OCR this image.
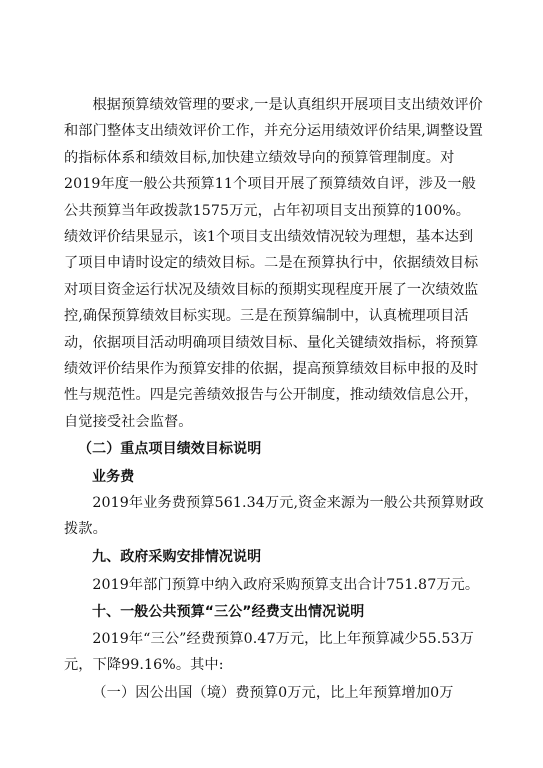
根据预算绩效管理的要求,一是认真组织开展项目支出绩效评价和部门整体支出绩效评价工作，并充分运用绩效评价结果,调整设置的指标体系和绩效目标,加快建立绩效导向的预算管理制度。对2019年度一般公共预算11个项目开展了预算绩效自评，涉及一般公共预算当年政拨款1575万元，占年初项目支出预算的100%。绩效评价结果显示，该1个项目支出绩效情况较为理想，基本达到了项目申请时设定的绩效目标。二是在预算执行中，依据绩效目标对项目资金运行状况及绩效目标的预期实现程度开展了一次绩效监控,确保预算绩效目标实现。三是在预算编制中，认真梳理项目活动，依据项目活动明确项目绩效目标、量化关键绩效指标，将预算绩效评价结果作为预算安排的依据，提高预算绩效目标申报的及时性与规范性。四是完善绩效报告与公开制度，推动绩效信息公开，自觉接受社会监督。

（二）重点项目绩效目标说明

业务费

2019年业务费预算561.34万元,资金来源为一般公共预算财政拨款。

九、政府采购安排情况说明

2019年部门预算中纳入政府采购预算支出合计751.87万元。

十、一般公共预算“三公”经费支出情况说明

2019年“三公”经费预算0.47万元，比上年预算减少55.53万元，下降99.16%。其中:

（一）因公出国（境）费预算0万元，比上年预算增加0万
